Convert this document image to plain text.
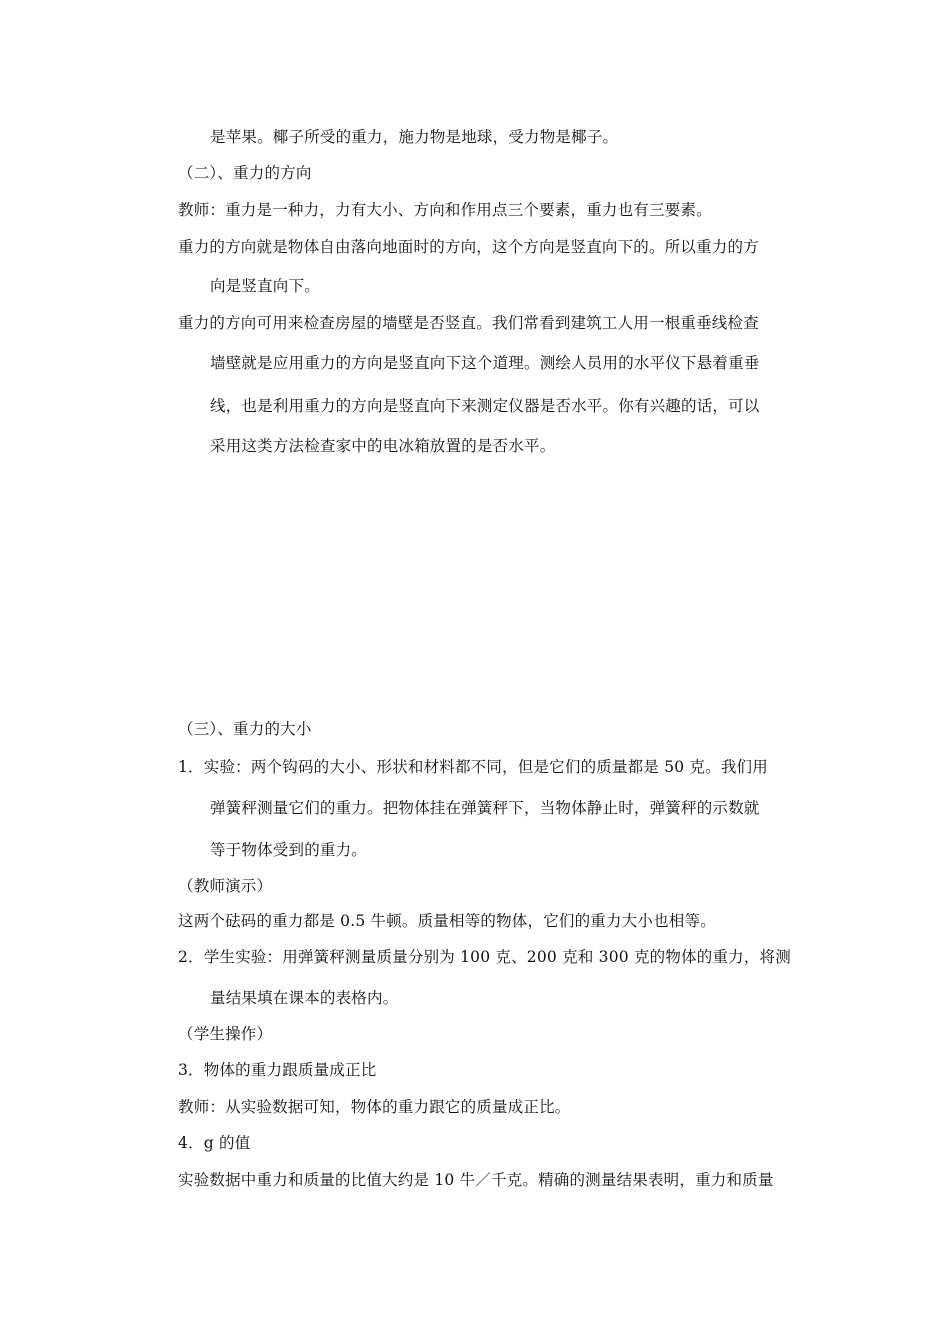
是苹果。椰子所受的重力，施力物是地球，受力物是椰子。
（二）、重力的方向
教师：重力是一种力，力有大小、方向和作用点三个要素，重力也有三要素。
重力的方向就是物体自由落向地面时的方向，这个方向是竖直向下的。所以重力的方
向是竖直向下。
重力的方向可用来检查房屋的墙壁是否竖直。我们常看到建筑工人用一根重垂线检查
墙壁就是应用重力的方向是竖直向下这个道理。测绘人员用的水平仪下悬着重垂
线，也是利用重力的方向是竖直向下来测定仪器是否水平。你有兴趣的话，可以
采用这类方法检查家中的电冰箱放置的是否水平。
（三）、重力的大小
1．实验：两个钩码的大小、形状和材料都不同，但是它们的质量都是 50 克。我们用
弹簧秤测量它们的重力。把物体挂在弹簧秤下，当物体静止时，弹簧秤的示数就
等于物体受到的重力。
（教师演示）
这两个砝码的重力都是 0.5 牛顿。质量相等的物体，它们的重力大小也相等。
2．学生实验：用弹簧秤测量质量分别为 100 克、200 克和 300 克的物体的重力，将测
量结果填在课本的表格内。
（学生操作）
3．物体的重力跟质量成正比
教师：从实验数据可知，物体的重力跟它的质量成正比。
4．g 的值
实验数据中重力和质量的比值大约是 10 牛／千克。精确的测量结果表明，重力和质量
